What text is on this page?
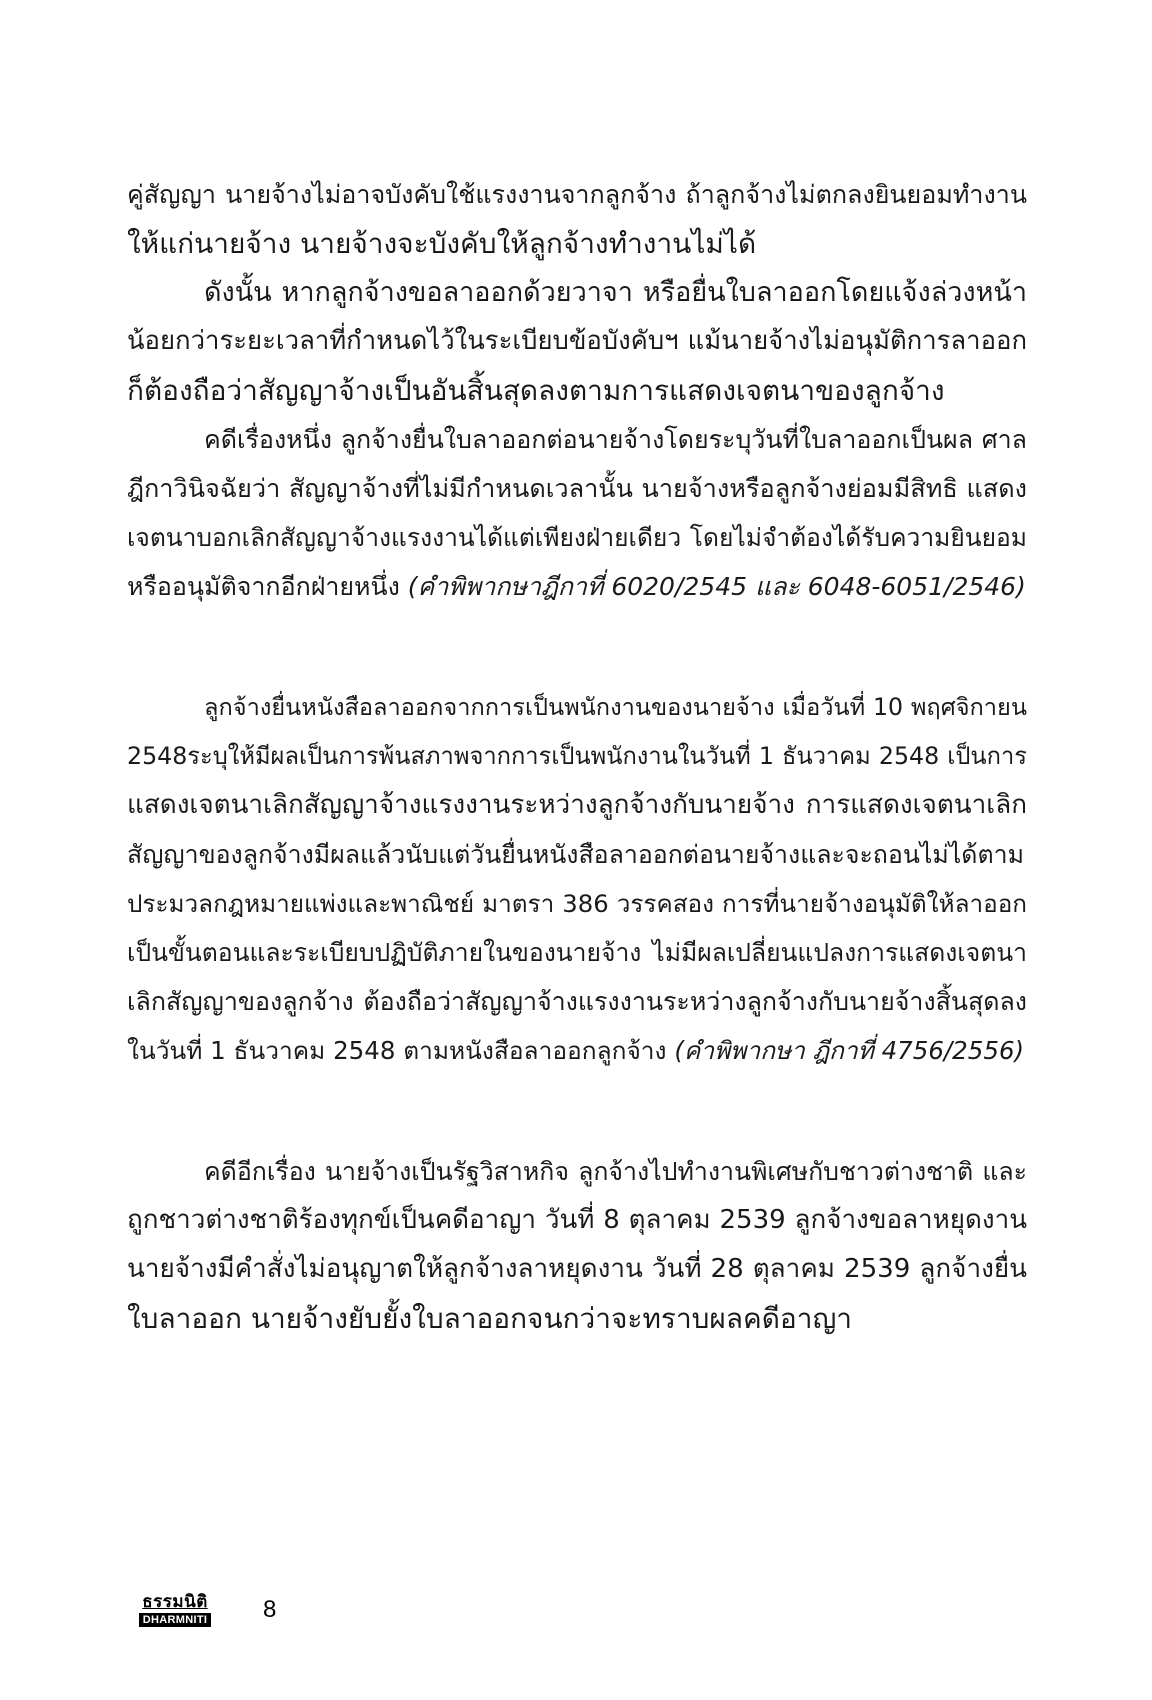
คู่สัญญา นายจ้างไม่อาจบังคับใช้แรงงานจากลูกจ้าง ถ้าลูกจ้างไม่ตกลงยินยอมทำงาน
ให้แก่นายจ้าง นายจ้างจะบังคับให้ลูกจ้างทำงานไม่ได้
ดังนั้น หากลูกจ้างขอลาออกด้วยวาจา หรือยื่นใบลาออกโดยแจ้งล่วงหน้า
น้อยกว่าระยะเวลาที่กำหนดไว้ในระเบียบข้อบังคับฯ แม้นายจ้างไม่อนุมัติการลาออก
ก็ต้องถือว่าสัญญาจ้างเป็นอันสิ้นสุดลงตามการแสดงเจตนาของลูกจ้าง
คดีเรื่องหนึ่ง ลูกจ้างยื่นใบลาออกต่อนายจ้างโดยระบุวันที่ใบลาออกเป็นผล ศาล
ฎีกาวินิจฉัยว่า สัญญาจ้างที่ไม่มีกำหนดเวลานั้น นายจ้างหรือลูกจ้างย่อมมีสิทธิ แสดง
เจตนาบอกเลิกสัญญาจ้างแรงงานได้แต่เพียงฝ่ายเดียว โดยไม่จำต้องได้รับความยินยอม
หรืออนุมัติจากอีกฝ่ายหนึ่ง (คำพิพากษาฎีกาที่ 6020/2545 และ 6048-6051/2546)
ลูกจ้างยื่นหนังสือลาออกจากการเป็นพนักงานของนายจ้าง เมื่อวันที่ 10 พฤศจิกายน
2548ระบุให้มีผลเป็นการพ้นสภาพจากการเป็นพนักงานในวันที่ 1 ธันวาคม 2548 เป็นการ
แสดงเจตนาเลิกสัญญาจ้างแรงงานระหว่างลูกจ้างกับนายจ้าง การแสดงเจตนาเลิก
สัญญาของลูกจ้างมีผลแล้วนับแต่วันยื่นหนังสือลาออกต่อนายจ้างและจะถอนไม่ได้ตาม
ประมวลกฎหมายแพ่งและพาณิชย์ มาตรา 386 วรรคสอง การที่นายจ้างอนุมัติให้ลาออก
เป็นขั้นตอนและระเบียบปฏิบัติภายในของนายจ้าง ไม่มีผลเปลี่ยนแปลงการแสดงเจตนา
เลิกสัญญาของลูกจ้าง ต้องถือว่าสัญญาจ้างแรงงานระหว่างลูกจ้างกับนายจ้างสิ้นสุดลง
ในวันที่ 1 ธันวาคม 2548 ตามหนังสือลาออกลูกจ้าง (คำพิพากษา ฎีกาที่ 4756/2556)
คดีอีกเรื่อง นายจ้างเป็นรัฐวิสาหกิจ ลูกจ้างไปทำงานพิเศษกับชาวต่างชาติ และ
ถูกชาวต่างชาติร้องทุกข์เป็นคดีอาญา วันที่ 8 ตุลาคม 2539 ลูกจ้างขอลาหยุดงาน
นายจ้างมีคำสั่งไม่อนุญาตให้ลูกจ้างลาหยุดงาน วันที่ 28 ตุลาคม 2539 ลูกจ้างยื่น
ใบลาออก นายจ้างยับยั้งใบลาออกจนกว่าจะทราบผลคดีอาญา
ธรรมนิติ
DHARMNITI 8
